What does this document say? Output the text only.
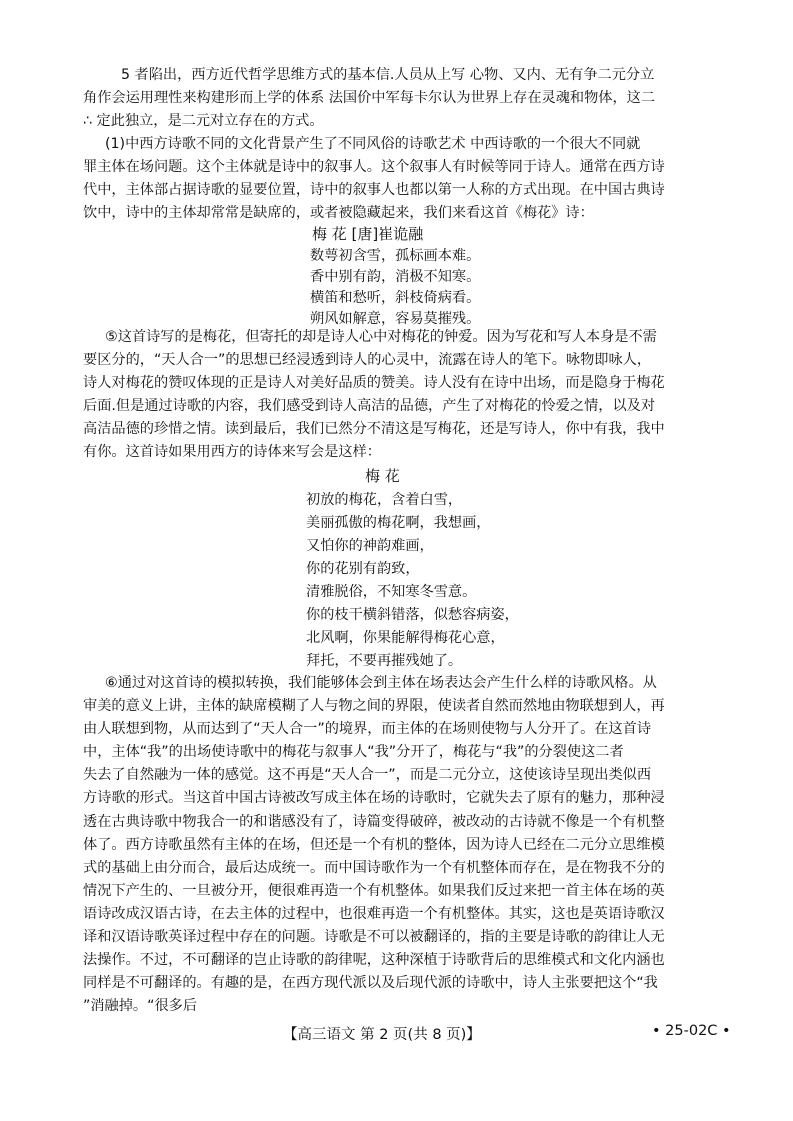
5 者陷出，西方近代哲学思维方式的基本信.人员从上写 心物、又内、无有争二元分立
角作会运用理性来构建形而上学的体系 法国价中军每卡尔认为世界上存在灵魂和物体，这二
∴ 定此独立，是二元对立存在的方式。
(1)中西方诗歌不同的文化背景产生了不同风俗的诗歌艺术 中西诗歌的一个很大不同就
罪主体在场问题。这个主体就是诗中的叙事人。这个叙事人有时候等同于诗人。通常在西方诗
代中，主体部占据诗歌的显要位置，诗中的叙事人也都以第一人称的方式出现。在中国古典诗
饮中，诗中的主体却常常是缺席的，或者被隐藏起来，我们来看这首《梅花》诗：
梅 花 [唐]崔诡融
数萼初含雪，孤标画本难。
香中别有韵，消极不知寒。
横笛和愁听，斜枝倚病看。
朔风如解意，容易莫摧残。
⑤这首诗写的是梅花，但寄托的却是诗人心中对梅花的钟爱。因为写花和写人本身是不需
要区分的，“天人合一”的思想已经浸透到诗人的心灵中，流露在诗人的笔下。咏物即咏人，
诗人对梅花的赞叹体现的正是诗人对美好品质的赞美。诗人没有在诗中出场，而是隐身于梅花
后面.但是通过诗歌的内容，我们感受到诗人高洁的品德，产生了对梅花的怜爱之情，以及对
高洁品德的珍惜之情。读到最后，我们已然分不清这是写梅花，还是写诗人，你中有我，我中
有你。这首诗如果用西方的诗体来写会是这样：
梅 花
初放的梅花，含着白雪，
美丽孤傲的梅花啊，我想画，
又怕你的神韵难画，
你的花别有韵致，
清雅脱俗，不知寒冬雪意。
你的枝干横斜错落，似愁容病姿，
北风啊，你果能解得梅花心意，
拜托，不要再摧残她了。
⑥通过对这首诗的模拟转换，我们能够体会到主体在场表达会产生什么样的诗歌风格。从
审美的意义上讲，主体的缺席模糊了人与物之间的界限，使读者自然而然地由物联想到人，再
由人联想到物，从而达到了“天人合一”的境界，而主体的在场则使物与人分开了。在这首诗
中，主体“我”的出场使诗歌中的梅花与叙事人“我”分开了，梅花与“我”的分裂使这二者
失去了自然融为一体的感觉。这不再是“天人合一”，而是二元分立，这使该诗呈现出类似西
方诗歌的形式。当这首中国古诗被改写成主体在场的诗歌时，它就失去了原有的魅力，那种浸
透在古典诗歌中物我合一的和谐感没有了，诗篇变得破碎，被改动的古诗就不像是一个有机整
体了。西方诗歌虽然有主体的在场，但还是一个有机的整体，因为诗人已经在二元分立思维模
式的基础上由分而合，最后达成统一。而中国诗歌作为一个有机整体而存在，是在物我不分的
情况下产生的、一旦被分开，便很难再造一个有机整体。如果我们反过来把一首主体在场的英
语诗改成汉语古诗，在去主体的过程中，也很难再造一个有机整体。其实，这也是英语诗歌汉
译和汉语诗歌英译过程中存在的问题。诗歌是不可以被翻译的，指的主要是诗歌的韵律让人无
法操作。不过，不可翻译的岂止诗歌的韵律呢，这种深植于诗歌背后的思维模式和文化内涵也
同样是不可翻译的。有趣的是，在西方现代派以及后现代派的诗歌中，诗人主张要把这个“我
”消融掉。“很多后
【高三语文 第 2 页(共 8 页)】	• 25-02C •
